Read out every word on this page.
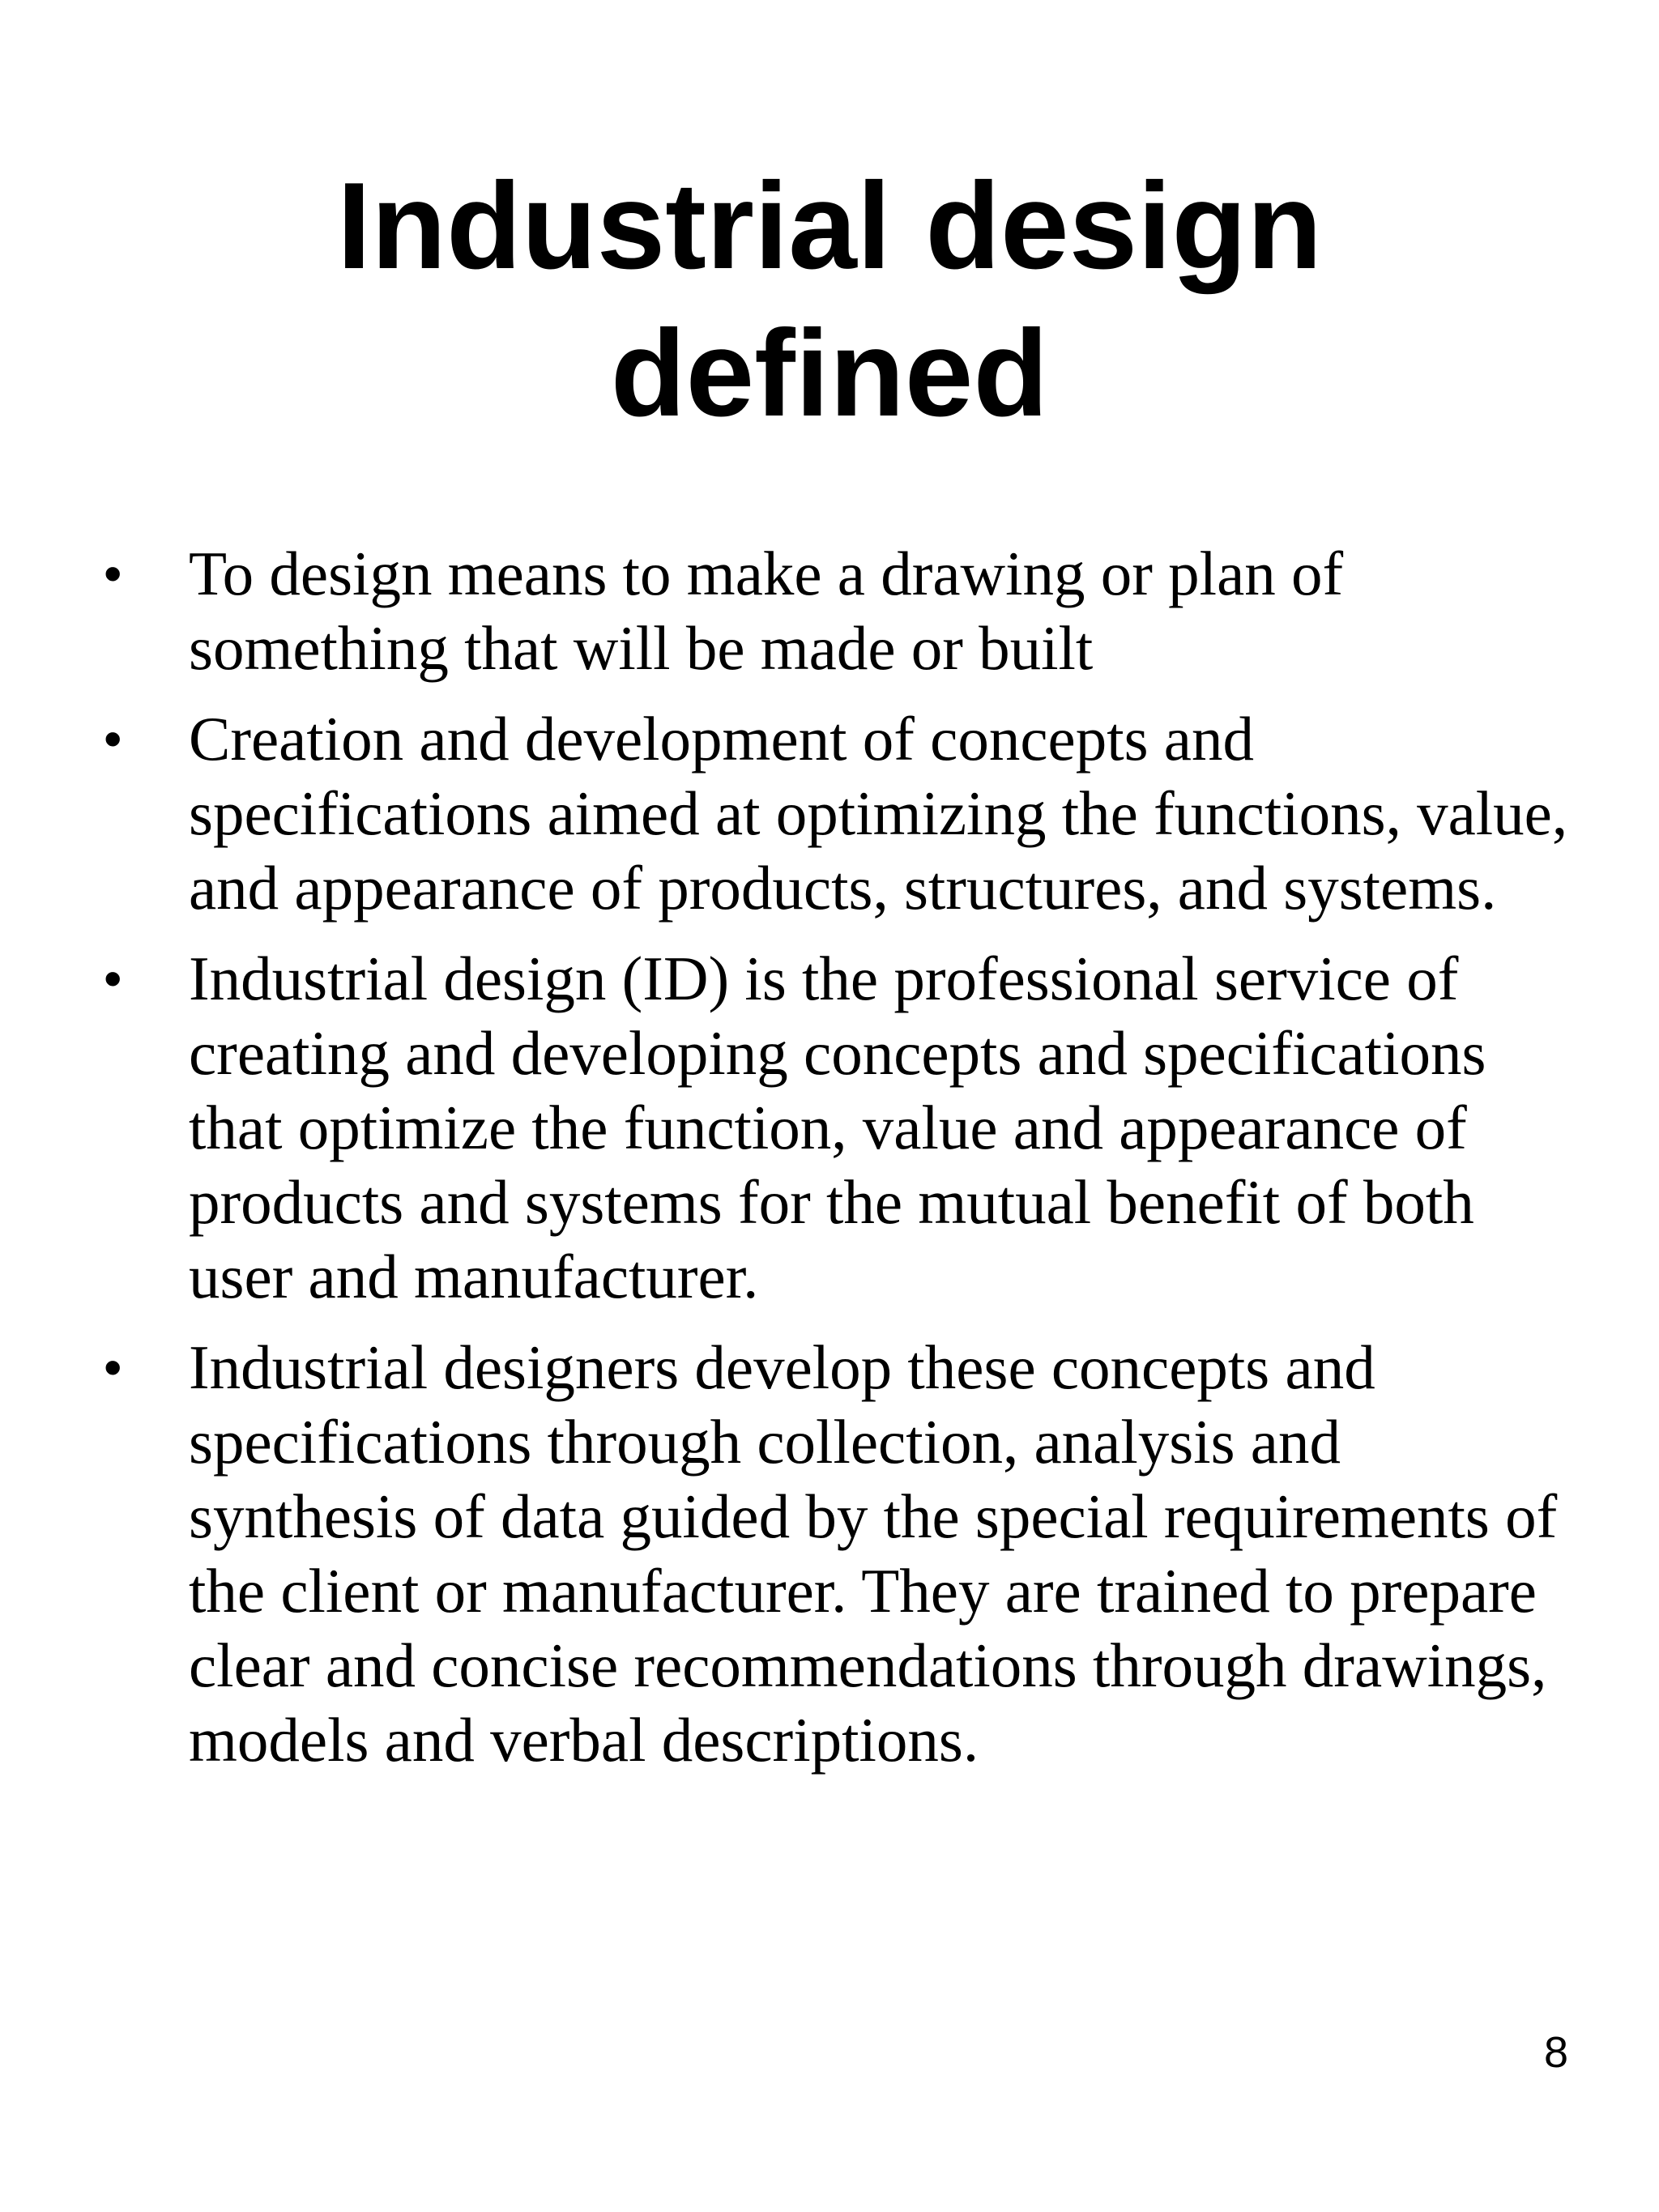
Industrial design
defined
• To design means to make a drawing or plan of something that will be made or built
• Creation and development of concepts and specifications aimed at optimizing the functions, value, and appearance of products, structures, and systems.
• Industrial design (ID) is the professional service of creating and developing concepts and specifications that optimize the function, value and appearance of products and systems for the mutual benefit of both user and manufacturer.
• Industrial designers develop these concepts and specifications through collection, analysis and synthesis of data guided by the special requirements of the client or manufacturer. They are trained to prepare clear and concise recommendations through drawings, models and verbal descriptions.
8
